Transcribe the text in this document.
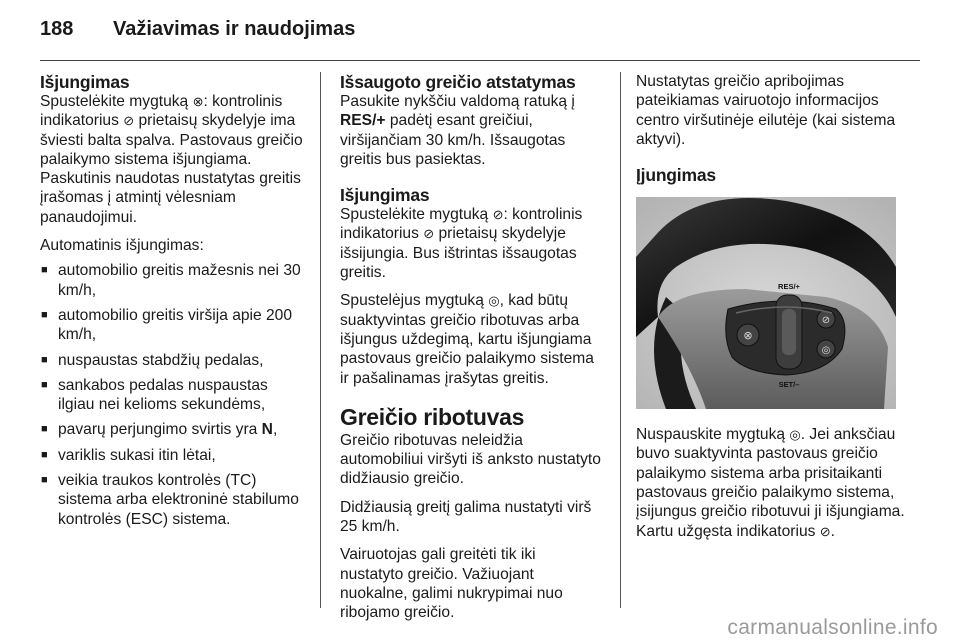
188 Važiavimas ir naudojimas
Išjungimas

Spustelėkite mygtuką ⊗: kontrolinis indikatorius ⊘ prietaisų skydelyje ima šviesti balta spalva. Pastovaus greičio palaikymo sistema išjungiama. Paskutinis naudotas nustatytas greitis įrašomas į atmintį vėlesniam panaudojimui.

Automatinis išjungimas:

■ automobilio greitis mažesnis nei 30 km/h,
■ automobilio greitis viršija apie 200 km/h,
■ nuspaustas stabdžių pedalas,
■ sankabos pedalas nuspaustas ilgiau nei kelioms sekundėms,
■ pavarų perjungimo svirtis yra N,
■ variklis sukasi itin lėtai,
■ veikia traukos kontrolės (TC) sistema arba elektroninė stabilumo kontrolės (ESC) sistema.
Išsaugoto greičio atstatymas

Pasukite nykščiu valdomą ratuką į RES/+ padėtį esant greičiui, viršijančiam 30 km/h. Išsaugotas greitis bus pasiektas.

Išjungimas

Spustelėkite mygtuką ⊘: kontrolinis indikatorius ⊘ prietaisų skydelyje išsijungia. Bus ištrintas išsaugotas greitis.

Spustelėjus mygtuką ◎, kad būtų suaktyvintas greičio ribotuvas arba išjungus uždegimą, kartu išjungiama pastovaus greičio palaikymo sistema ir pašalinamas įrašytas greitis.

Greičio ribotuvas

Greičio ribotuvas neleidžia automobiliui viršyti iš anksto nustatyto didžiausio greičio.

Didžiausią greitį galima nustatyti virš 25 km/h.

Vairuotojas gali greitėti tik iki nustatyto greičio. Važiuojant nuokalne, galimi nukrypimai nuo ribojamo greičio.

Nustatytas greičio apribojimas pateikiamas vairuotojo informacijos centro viršutinėje eilutėje (kai sistema aktyvi).

Įjungimas
RES/+
SET/–
⊗
⊘
◎

Nuspauskite mygtuką ◎. Jei anksčiau buvo suaktyvinta pastovaus greičio palaikymo sistema arba prisitaikanti pastovaus greičio palaikymo sistema, įsijungus greičio ribotuvui ji išjungiama. Kartu užgęsta indikatorius ⊘.

carmanualsonline.info
